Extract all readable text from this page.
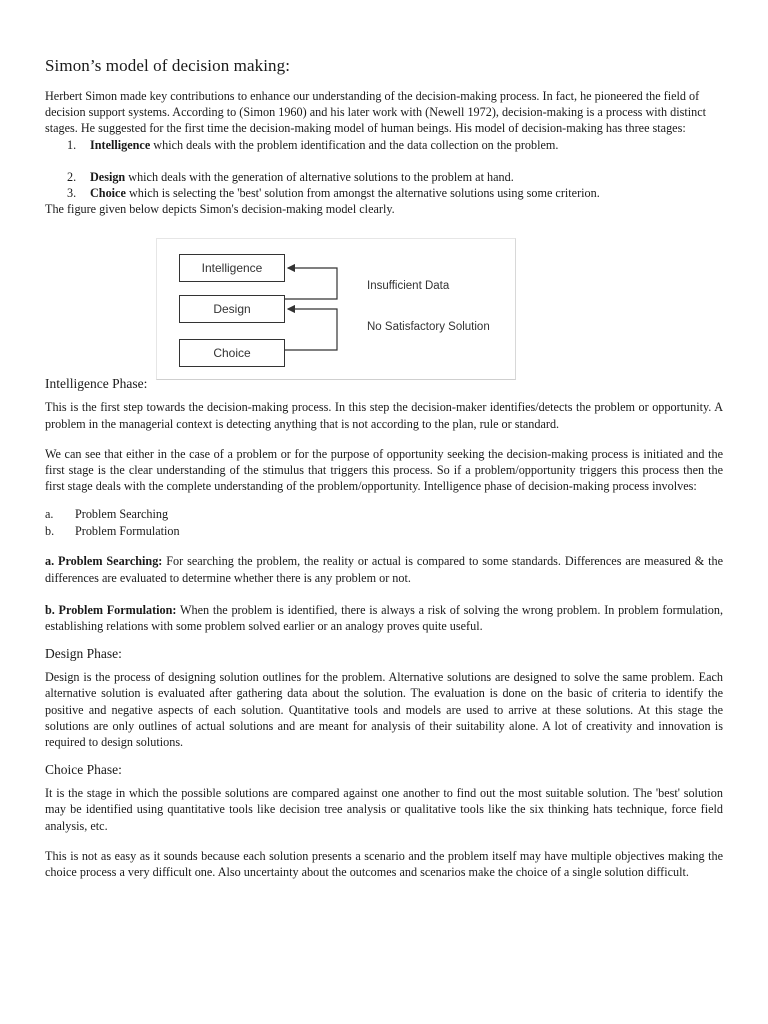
Simon’s model of decision making:

Herbert Simon made key contributions to enhance our understanding of the decision-making process. In fact, he pioneered the field of decision support systems. According to (Simon 1960) and his later work with (Newell 1972), decision-making is a process with distinct stages. He suggested for the first time the decision-making model of human beings. His model of decision-making has three stages:

1. Intelligence which deals with the problem identification and the data collection on the problem.
2. Design which deals with the generation of alternative solutions to the problem at hand.
3. Choice which is selecting the 'best' solution from amongst the alternative solutions using some criterion.

The figure given below depicts Simon's decision-making model clearly.

Intelligence Phase:

This is the first step towards the decision-making process. In this step the decision-maker identifies/detects the problem or opportunity. A problem in the managerial context is detecting anything that is not according to the plan, rule or standard.

We can see that either in the case of a problem or for the purpose of opportunity seeking the decision-making process is initiated and the first stage is the clear understanding of the stimulus that triggers this process. So if a problem/opportunity triggers this process then the first stage deals with the complete understanding of the problem/opportunity. Intelligence phase of decision-making process involves:

a. Problem Searching
b. Problem Formulation

a. Problem Searching: For searching the problem, the reality or actual is compared to some standards. Differences are measured & the differences are evaluated to determine whether there is any problem or not.

b. Problem Formulation: When the problem is identified, there is always a risk of solving the wrong problem. In problem formulation, establishing relations with some problem solved earlier or an analogy proves quite useful.

Design Phase:

Design is the process of designing solution outlines for the problem. Alternative solutions are designed to solve the same problem. Each alternative solution is evaluated after gathering data about the solution. The evaluation is done on the basic of criteria to identify the positive and negative aspects of each solution. Quantitative tools and models are used to arrive at these solutions. At this stage the solutions are only outlines of actual solutions and are meant for analysis of their suitability alone. A lot of creativity and innovation is required to design solutions.

Choice Phase:

It is the stage in which the possible solutions are compared against one another to find out the most suitable solution. The 'best' solution may be identified using quantitative tools like decision tree analysis or qualitative tools like the six thinking hats technique, force field analysis, etc.

This is not as easy as it sounds because each solution presents a scenario and the problem itself may have multiple objectives making the choice process a very difficult one. Also uncertainty about the outcomes and scenarios make the choice of a single solution difficult.

Intelligence
Design
Choice
Insufficient Data
No Satisfactory Solution
